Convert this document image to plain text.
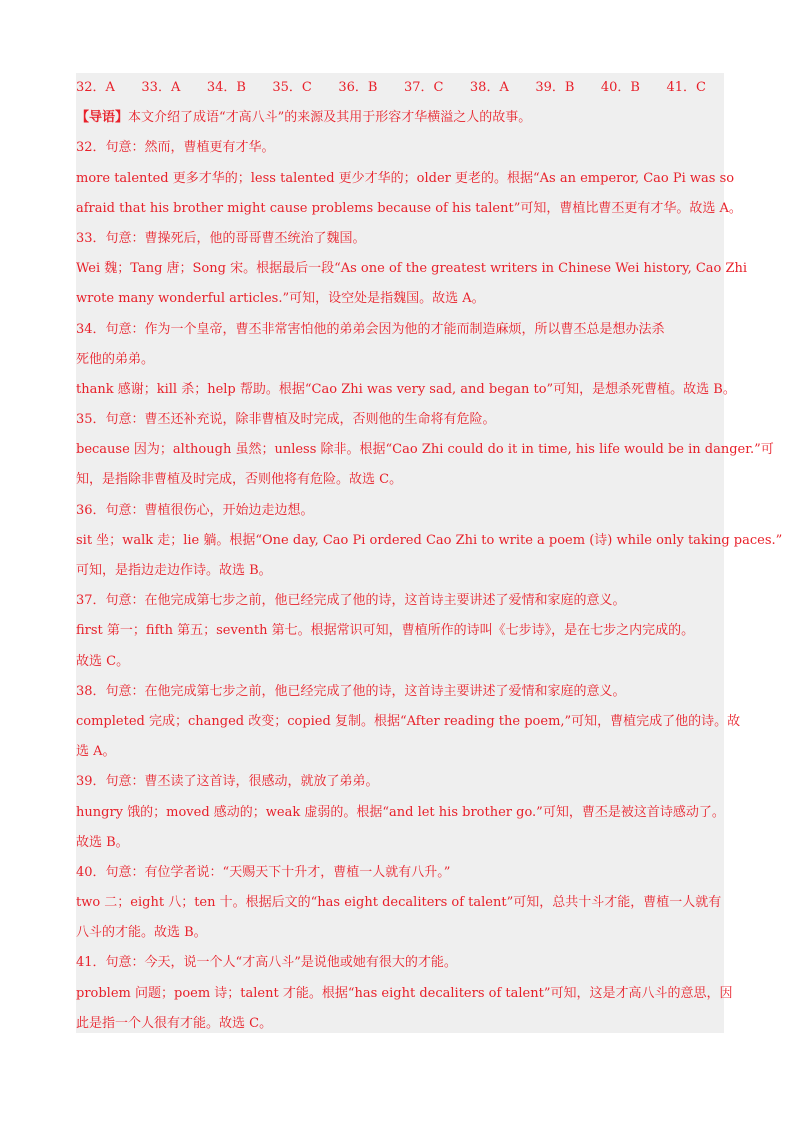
32．A 33．A 34．B 35．C 36．B 37．C 38．A 39．B 40．B 41．C
【导语】本文介绍了成语“才高八斗”的来源及其用于形容才华横溢之人的故事。
32．句意：然而，曹植更有才华。
more talented 更多才华的；less talented 更少才华的；older 更老的。根据“As an emperor, Cao Pi was so
afraid that his brother might cause problems because of his talent”可知，曹植比曹丕更有才华。故选 A。
33．句意：曹操死后，他的哥哥曹丕统治了魏国。
Wei 魏；Tang 唐；Song 宋。根据最后一段“As one of the greatest writers in Chinese Wei history, Cao Zhi
wrote many wonderful articles.”可知，设空处是指魏国。故选 A。
34．句意：作为一个皇帝，曹丕非常害怕他的弟弟会因为他的才能而制造麻烦，所以曹丕总是想办法杀
死他的弟弟。
thank 感谢；kill 杀；help 帮助。根据“Cao Zhi was very sad, and began to”可知，是想杀死曹植。故选 B。
35．句意：曹丕还补充说，除非曹植及时完成，否则他的生命将有危险。
because 因为；although 虽然；unless 除非。根据“Cao Zhi could do it in time, his life would be in danger.”可
知，是指除非曹植及时完成，否则他将有危险。故选 C。
36．句意：曹植很伤心，开始边走边想。
sit 坐；walk 走；lie 躺。根据“One day, Cao Pi ordered Cao Zhi to write a poem (诗) while only taking paces.”
可知，是指边走边作诗。故选 B。
37．句意：在他完成第七步之前，他已经完成了他的诗，这首诗主要讲述了爱情和家庭的意义。
first 第一；fifth 第五；seventh 第七。根据常识可知，曹植所作的诗叫《七步诗》，是在七步之内完成的。
故选 C。
38．句意：在他完成第七步之前，他已经完成了他的诗，这首诗主要讲述了爱情和家庭的意义。
completed 完成；changed 改变；copied 复制。根据“After reading the poem,”可知，曹植完成了他的诗。故
选 A。
39．句意：曹丕读了这首诗，很感动，就放了弟弟。
hungry 饿的；moved 感动的；weak 虚弱的。根据“and let his brother go.”可知，曹丕是被这首诗感动了。
故选 B。
40．句意：有位学者说：“天赐天下十升才，曹植一人就有八升。”
two 二；eight 八；ten 十。根据后文的“has eight decaliters of talent”可知，总共十斗才能，曹植一人就有
八斗的才能。故选 B。
41．句意：今天，说一个人“才高八斗”是说他或她有很大的才能。
problem 问题；poem 诗；talent 才能。根据“has eight decaliters of talent”可知，这是才高八斗的意思，因
此是指一个人很有才能。故选 C。
